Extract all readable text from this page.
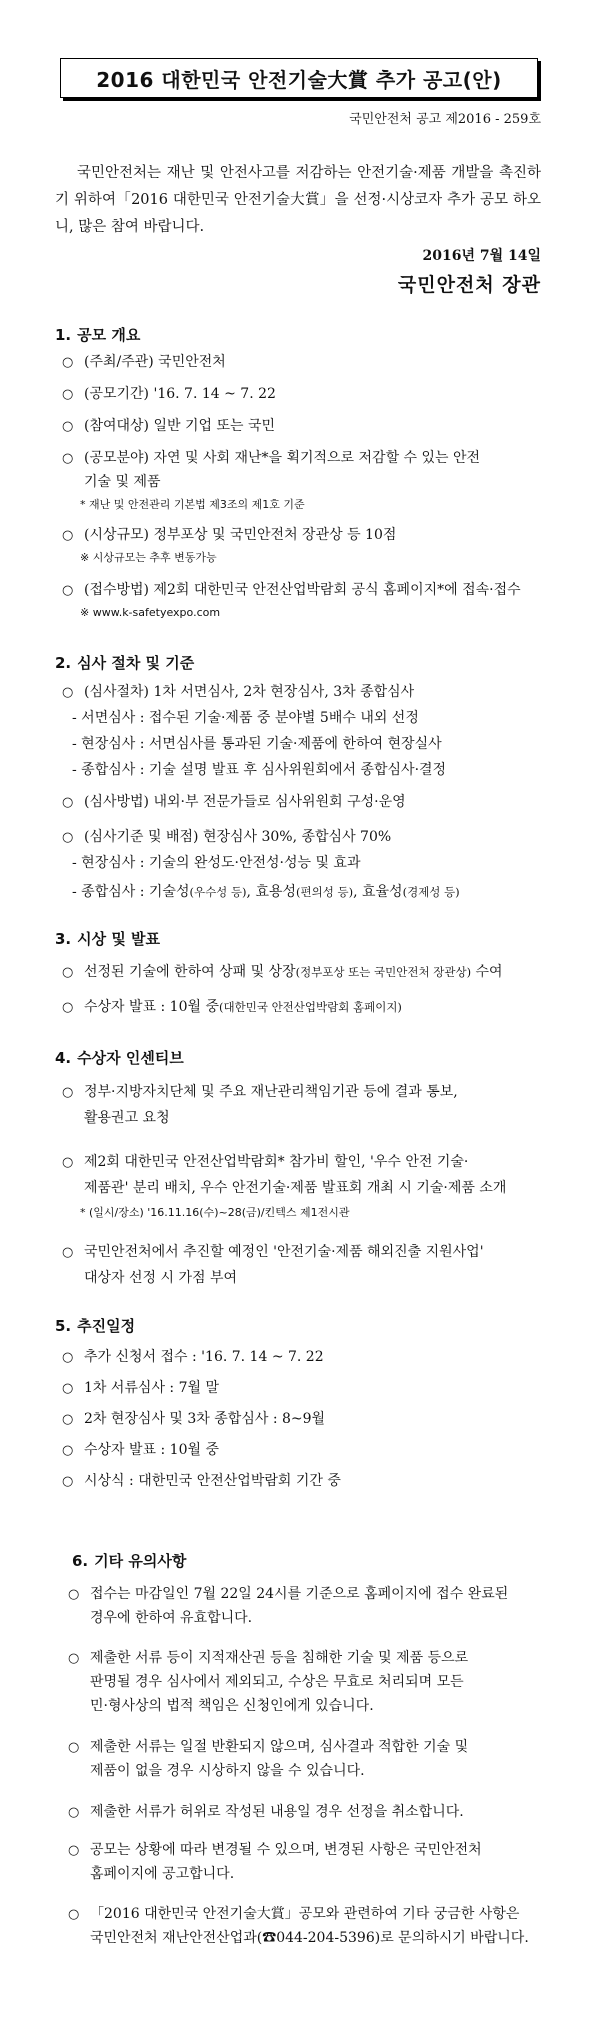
2016 대한민국 안전기술大賞 추가 공고(안)
국민안전처 공고 제2016 - 259호
국민안전처는 재난 및 안전사고를 저감하는 안전기술·제품 개발을 촉진하기 위하여「2016 대한민국 안전기술大賞」을 선정·시상코자 추가 공모 하오니, 많은 참여 바랍니다.
2016년 7월 14일
국민안전처 장관
1. 공모 개요
○ (주최/주관) 국민안전처
○ (공모기간) '16. 7. 14 ~ 7. 22
○ (참여대상) 일반 기업 또는 국민
○ (공모분야) 자연 및 사회 재난*을 획기적으로 저감할 수 있는 안전
기술 및 제품
* 재난 및 안전관리 기본법 제3조의 제1호 기준
○ (시상규모) 정부포상 및 국민안전처 장관상 등 10점
※ 시상규모는 추후 변동가능
○ (접수방법) 제2회 대한민국 안전산업박람회 공식 홈페이지*에 접속·접수
※ www.k-safetyexpo.com
2. 심사 절차 및 기준
○ (심사절차) 1차 서면심사, 2차 현장심사, 3차 종합심사
- 서면심사 : 접수된 기술·제품 중 분야별 5배수 내외 선정
- 현장심사 : 서면심사를 통과된 기술·제품에 한하여 현장실사
- 종합심사 : 기술 설명 발표 후 심사위원회에서 종합심사·결정
○ (심사방법) 내외·부 전문가들로 심사위원회 구성·운영
○ (심사기준 및 배점) 현장심사 30%, 종합심사 70%
- 현장심사 : 기술의 완성도·안전성·성능 및 효과
- 종합심사 : 기술성(우수성 등), 효용성(편의성 등), 효율성(경제성 등)
3. 시상 및 발표
○ 선정된 기술에 한하여 상패 및 상장(정부포상 또는 국민안전처 장관상) 수여
○ 수상자 발표 : 10월 중(대한민국 안전산업박람회 홈페이지)
4. 수상자 인센티브
○ 정부·지방자치단체 및 주요 재난관리책임기관 등에 결과 통보,
활용권고 요청
○ 제2회 대한민국 안전산업박람회* 참가비 할인, '우수 안전 기술·
제품관' 분리 배치, 우수 안전기술·제품 발표회 개최 시 기술·제품 소개
* (일시/장소) '16.11.16(수)~28(금)/킨텍스 제1전시관
○ 국민안전처에서 추진할 예정인 '안전기술·제품 해외진출 지원사업'
대상자 선정 시 가점 부여
5. 추진일정
○ 추가 신청서 접수 : '16. 7. 14 ~ 7. 22
○ 1차 서류심사 : 7월 말
○ 2차 현장심사 및 3차 종합심사 : 8~9월
○ 수상자 발표 : 10월 중
○ 시상식 : 대한민국 안전산업박람회 기간 중
6. 기타 유의사항
○ 접수는 마감일인 7월 22일 24시를 기준으로 홈페이지에 접수 완료된
경우에 한하여 유효합니다.
○ 제출한 서류 등이 지적재산권 등을 침해한 기술 및 제품 등으로
판명될 경우 심사에서 제외되고, 수상은 무효로 처리되며 모든
민·형사상의 법적 책임은 신청인에게 있습니다.
○ 제출한 서류는 일절 반환되지 않으며, 심사결과 적합한 기술 및
제품이 없을 경우 시상하지 않을 수 있습니다.
○ 제출한 서류가 허위로 작성된 내용일 경우 선정을 취소합니다.
○ 공모는 상황에 따라 변경될 수 있으며, 변경된 사항은 국민안전처
홈페이지에 공고합니다.
○ 「2016 대한민국 안전기술大賞」공모와 관련하여 기타 궁금한 사항은
국민안전처 재난안전산업과(☎044-204-5396)로 문의하시기 바랍니다.
